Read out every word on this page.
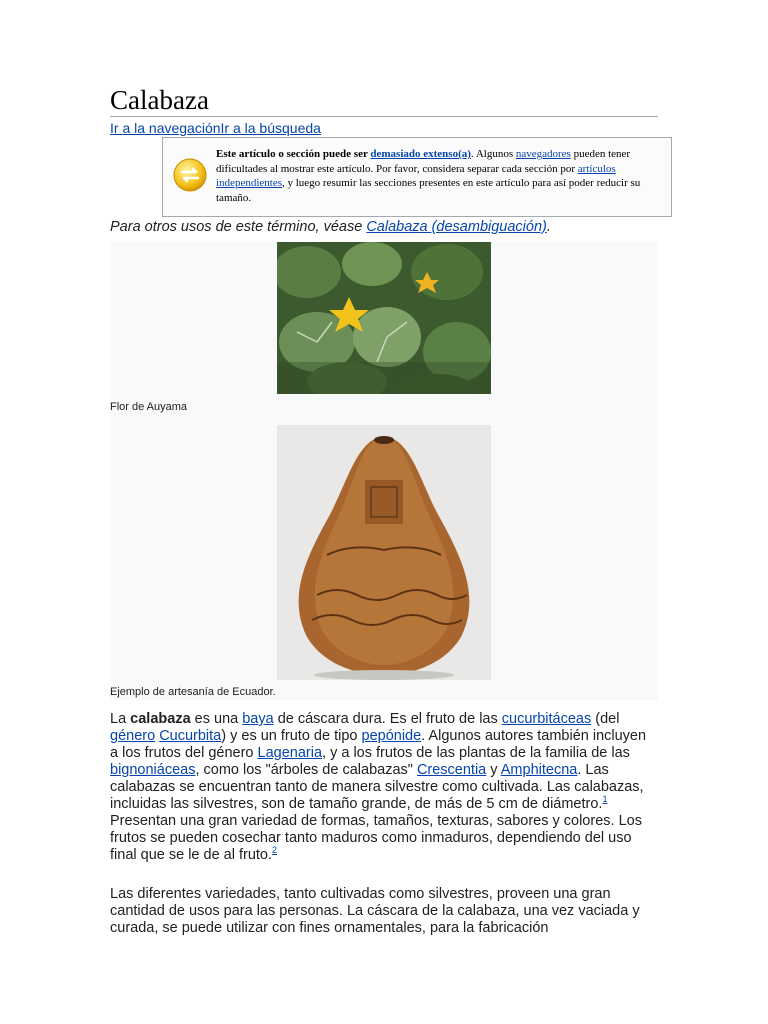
Calabaza
Ir a la navegaciónIr a la búsqueda
Este artículo o sección puede ser demasiado extenso(a). Algunos navegadores pueden tener dificultades al mostrar este artículo. Por favor, considera separar cada sección por artículos independientes, y luego resumir las secciones presentes en este artículo para así poder reducir su tamaño.
Para otros usos de este término, véase Calabaza (desambiguación).
Flor de Auyama
Ejemplo de artesanía de Ecuador.

La calabaza es una baya de cáscara dura. Es el fruto de las cucurbitáceas (del género Cucurbita) y es un fruto de tipo pepónide. Algunos autores también incluyen a los frutos del género Lagenaria, y a los frutos de las plantas de la familia de las bignoniáceas, como los "árboles de calabazas" Crescentia y Amphitecna. Las calabazas se encuentran tanto de manera silvestre como cultivada. Las calabazas, incluidas las silvestres, son de tamaño grande, de más de 5 cm de diámetro.$^1$ Presentan una gran variedad de formas, tamaños, texturas, sabores y colores. Los frutos se pueden cosechar tanto maduros como inmaduros, dependiendo del uso final que se le de al fruto.$^2$

Las diferentes variedades, tanto cultivadas como silvestres, proveen una gran cantidad de usos para las personas. La cáscara de la calabaza, una vez vaciada y curada, se puede utilizar con fines ornamentales, para la fabricación
